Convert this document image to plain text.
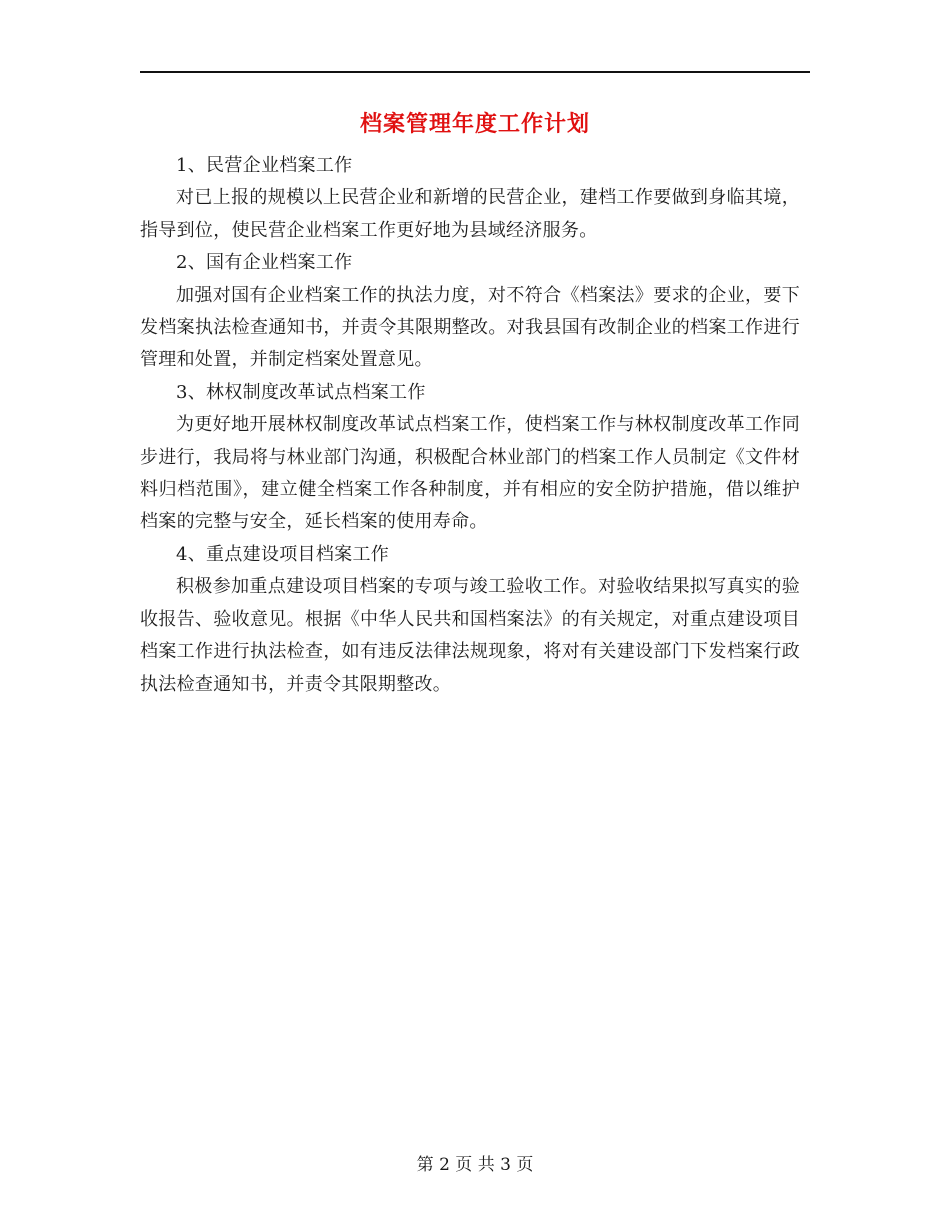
档案管理年度工作计划

1、民营企业档案工作

对已上报的规模以上民营企业和新增的民营企业，建档工作要做到身临其境，指导到位，使民营企业档案工作更好地为县域经济服务。

2、国有企业档案工作

加强对国有企业档案工作的执法力度，对不符合《档案法》要求的企业，要下发档案执法检查通知书，并责令其限期整改。对我县国有改制企业的档案工作进行管理和处置，并制定档案处置意见。

3、林权制度改革试点档案工作

为更好地开展林权制度改革试点档案工作，使档案工作与林权制度改革工作同步进行，我局将与林业部门沟通，积极配合林业部门的档案工作人员制定《文件材料归档范围》，建立健全档案工作各种制度，并有相应的安全防护措施，借以维护档案的完整与安全，延长档案的使用寿命。

4、重点建设项目档案工作

积极参加重点建设项目档案的专项与竣工验收工作。对验收结果拟写真实的验收报告、验收意见。根据《中华人民共和国档案法》的有关规定，对重点建设项目档案工作进行执法检查，如有违反法律法规现象，将对有关建设部门下发档案行政执法检查通知书，并责令其限期整改。

第 2 页 共 3 页
